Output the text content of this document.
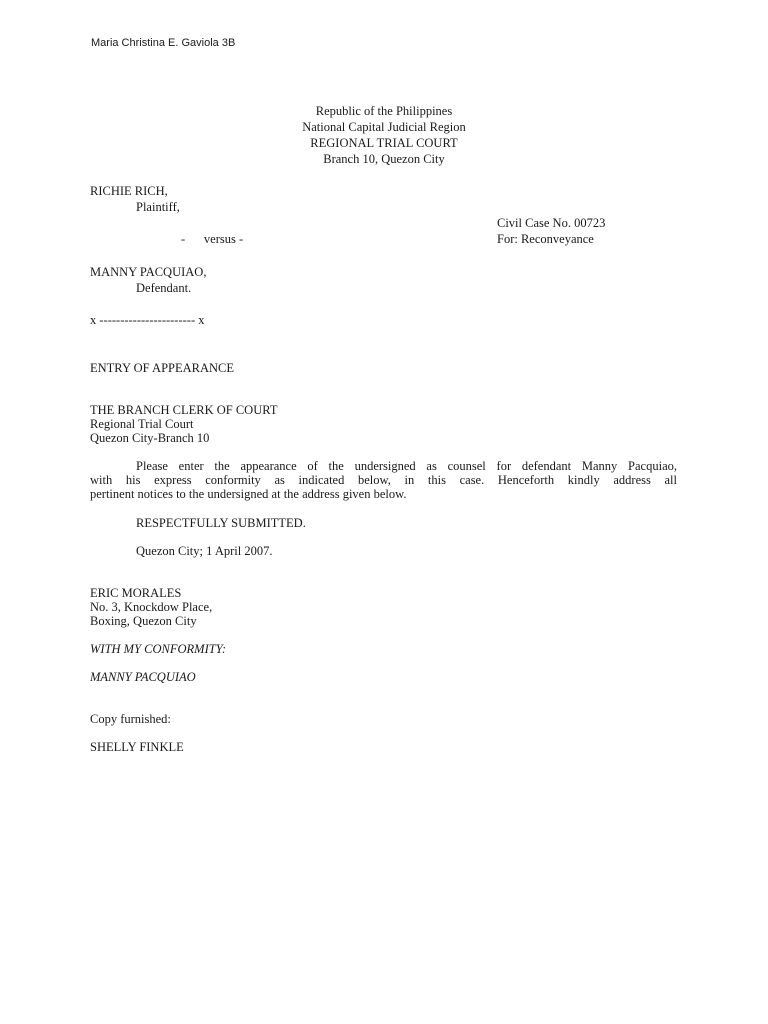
Maria Christina E. Gaviola 3B
Republic of the Philippines
National Capital Judicial Region
REGIONAL TRIAL COURT
Branch 10, Quezon City
RICHIE RICH,
Plaintiff,
Civil Case No. 00723
-      versus -	For: Reconveyance
MANNY PACQUIAO,
Defendant.
x ----------------------- x
ENTRY OF APPEARANCE
THE BRANCH CLERK OF COURT
Regional Trial Court
Quezon City-Branch 10
Please enter the appearance of the undersigned as counsel for defendant Manny Pacquiao,
with his express conformity as indicated below, in this case. Henceforth kindly address all
pertinent notices to the undersigned at the address given below.
RESPECTFULLY SUBMITTED.
Quezon City; 1 April 2007.
ERIC MORALES
No. 3, Knockdow Place,
Boxing, Quezon City
WITH MY CONFORMITY:
MANNY PACQUIAO
Copy furnished:
SHELLY FINKLE
